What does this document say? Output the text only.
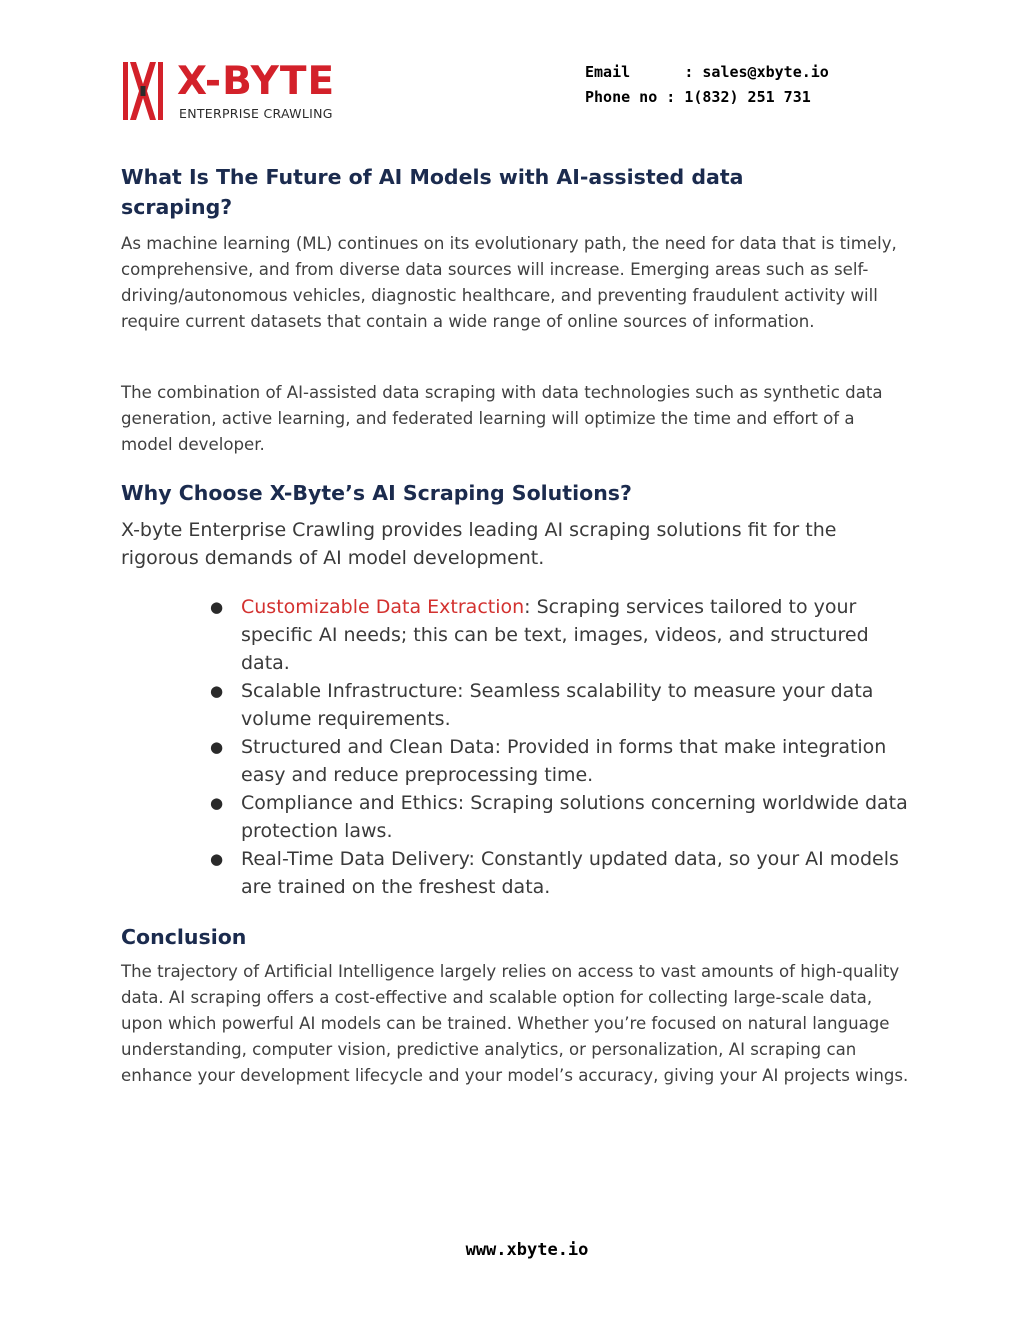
X-BYTE
ENTERPRISE CRAWLING
Email      : sales@xbyte.io
Phone no : 1(832) 251 731
What Is The Future of AI Models with AI-assisted data scraping?
As machine learning (ML) continues on its evolutionary path, the need for data that is timely, comprehensive, and from diverse data sources will increase. Emerging areas such as self-driving/autonomous vehicles, diagnostic healthcare, and preventing fraudulent activity will require current datasets that contain a wide range of online sources of information.
The combination of AI-assisted data scraping with data technologies such as synthetic data generation, active learning, and federated learning will optimize the time and effort of a model developer.
Why Choose X-Byte’s AI Scraping Solutions?
X-byte Enterprise Crawling provides leading AI scraping solutions fit for the rigorous demands of AI model development.
● Customizable Data Extraction: Scraping services tailored to your specific AI needs; this can be text, images, videos, and structured data.
● Scalable Infrastructure: Seamless scalability to measure your data volume requirements.
● Structured and Clean Data: Provided in forms that make integration easy and reduce preprocessing time.
● Compliance and Ethics: Scraping solutions concerning worldwide data protection laws.
● Real-Time Data Delivery: Constantly updated data, so your AI models are trained on the freshest data.
Conclusion
The trajectory of Artificial Intelligence largely relies on access to vast amounts of high-quality data. AI scraping offers a cost-effective and scalable option for collecting large-scale data, upon which powerful AI models can be trained. Whether you’re focused on natural language understanding, computer vision, predictive analytics, or personalization, AI scraping can enhance your development lifecycle and your model’s accuracy, giving your AI projects wings.
www.xbyte.io
